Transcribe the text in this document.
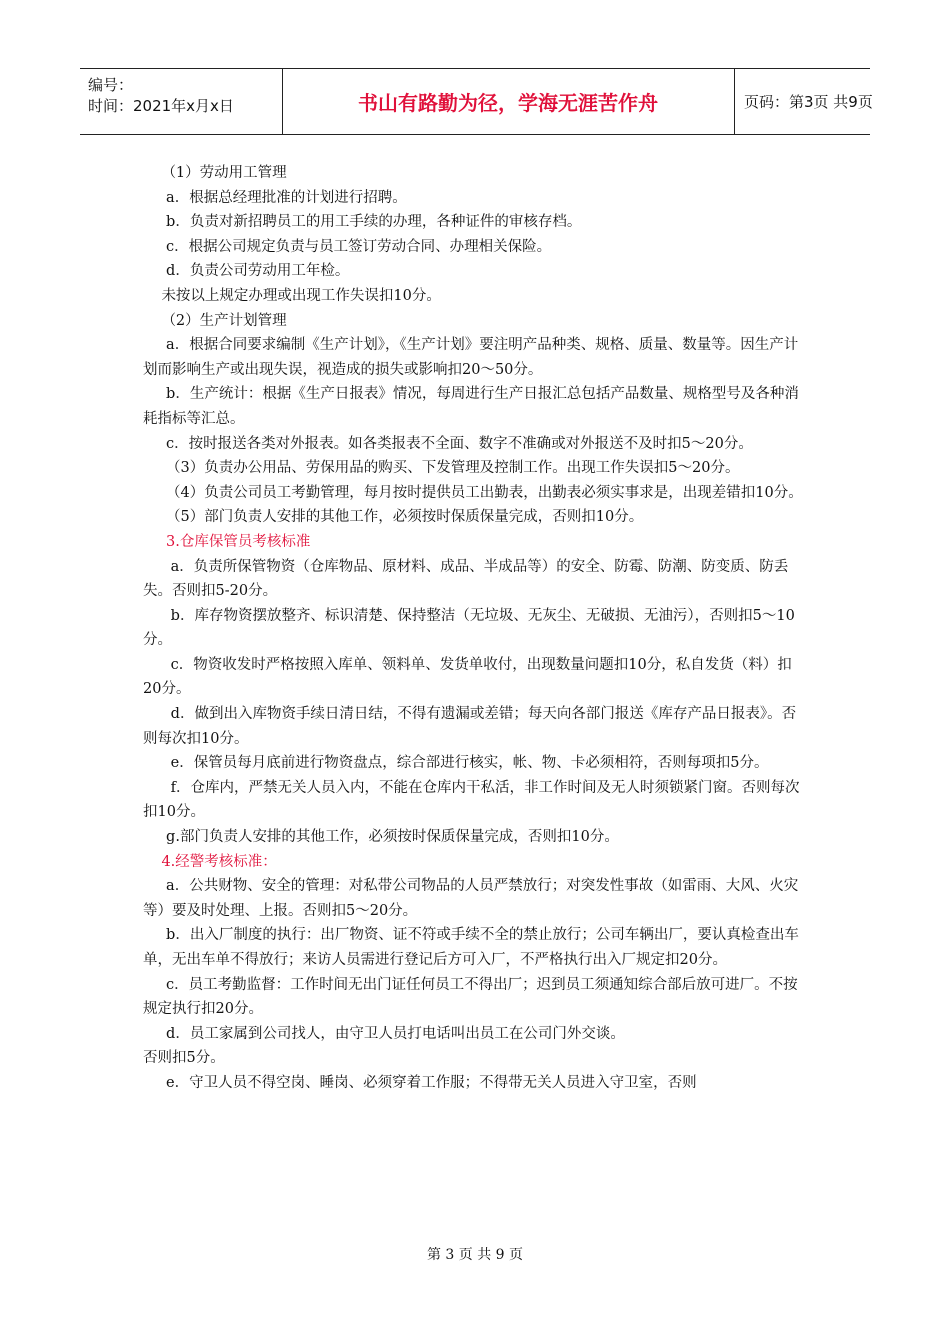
编号：
时间：2021年x月x日	书山有路勤为径，学海无涯苦作舟	页码：第3页 共9页

（1）劳动用工管理

a．根据总经理批准的计划进行招聘。

b．负责对新招聘员工的用工手续的办理，各种证件的审核存档。

c．根据公司规定负责与员工签订劳动合同、办理相关保险。

d．负责公司劳动用工年检。

未按以上规定办理或出现工作失误扣10分。

（2）生产计划管理

a．根据合同要求编制《生产计划》，《生产计划》要注明产品种类、规格、质量、数量等。因生产计划而影响生产或出现失误，视造成的损失或影响扣20～50分。

b．生产统计：根据《生产日报表》情况，每周进行生产日报汇总包括产品数量、规格型号及各种消耗指标等汇总。

c．按时报送各类对外报表。如各类报表不全面、数字不准确或对外报送不及时扣5～20分。

（3）负责办公用品、劳保用品的购买、下发管理及控制工作。出现工作失误扣5～20分。

（4）负责公司员工考勤管理，每月按时提供员工出勤表，出勤表必须实事求是，出现差错扣10分。

（5）部门负责人安排的其他工作，必须按时保质保量完成，否则扣10分。

3.仓库保管员考核标准

a．负责所保管物资（仓库物品、原材料、成品、半成品等）的安全、防霉、防潮、防变质、防丢失。否则扣5-20分。

b．库存物资摆放整齐、标识清楚、保持整洁（无垃圾、无灰尘、无破损、无油污），否则扣5～10分。

c．物资收发时严格按照入库单、领料单、发货单收付，出现数量问题扣10分，私自发货（料）扣20分。

d．做到出入库物资手续日清日结，不得有遗漏或差错；每天向各部门报送《库存产品日报表》。否则每次扣10分。

e．保管员每月底前进行物资盘点，综合部进行核实，帐、物、卡必须相符，否则每项扣5分。

f．仓库内，严禁无关人员入内，不能在仓库内干私活，非工作时间及无人时须锁紧门窗。否则每次扣10分。

g.部门负责人安排的其他工作，必须按时保质保量完成，否则扣10分。

4.经警考核标准：

a．公共财物、安全的管理：对私带公司物品的人员严禁放行；对突发性事故（如雷雨、大风、火灾等）要及时处理、上报。否则扣5～20分。

b．出入厂制度的执行：出厂物资、证不符或手续不全的禁止放行；公司车辆出厂，要认真检查出车单，无出车单不得放行；来访人员需进行登记后方可入厂，不严格执行出入厂规定扣20分。

c．员工考勤监督：工作时间无出门证任何员工不得出厂；迟到员工须通知综合部后放可进厂。不按规定执行扣20分。

d．员工家属到公司找人，由守卫人员打电话叫出员工在公司门外交谈。

否则扣5分。

e．守卫人员不得空岗、睡岗、必须穿着工作服；不得带无关人员进入守卫室，否则

第 3 页 共 9 页
